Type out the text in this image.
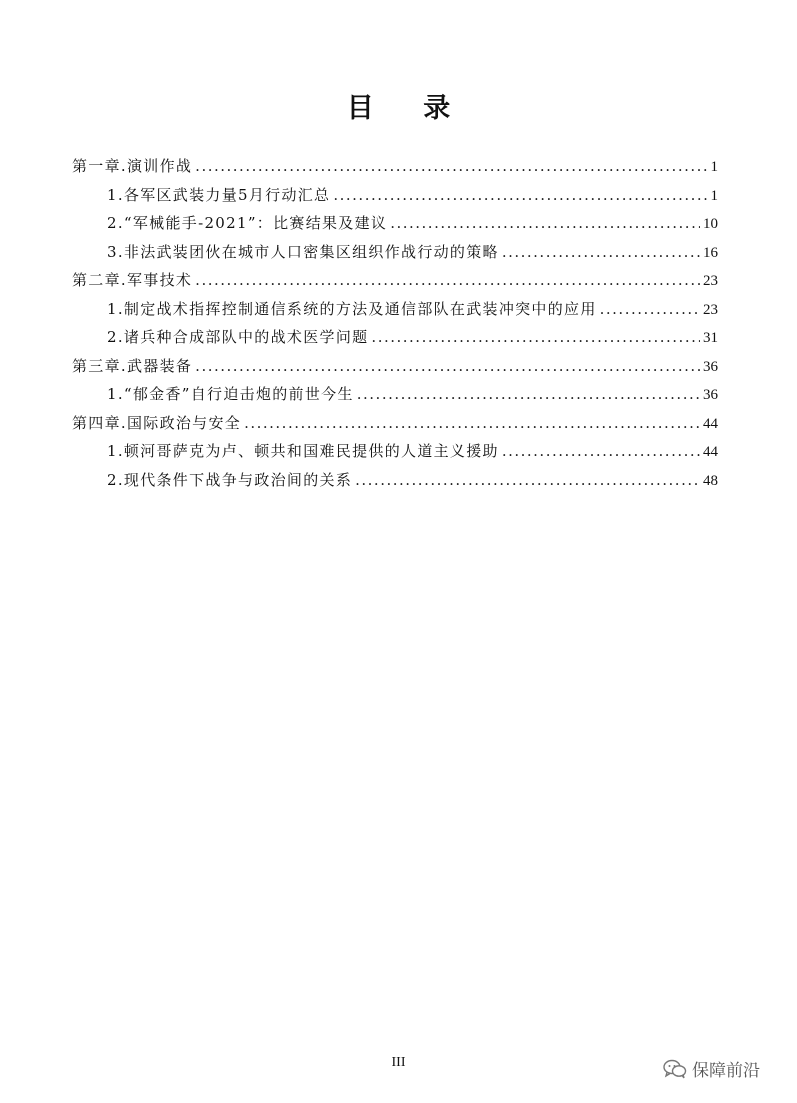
目 录
第一章.演训作战 .....	1
1.各军区武装力量5月行动汇总 .....	1
2.“军械能手-2021”：比赛结果及建议 .....	10
3.非法武装团伙在城市人口密集区组织作战行动的策略 .....	16
第二章.军事技术 .....	23
1.制定战术指挥控制通信系统的方法及通信部队在武装冲突中的应用 .....	23
2.诸兵种合成部队中的战术医学问题 .....	31
第三章.武器装备 .....	36
1.“郁金香”自行迫击炮的前世今生 .....	36
第四章.国际政治与安全 .....	44
1.顿河哥萨克为卢、顿共和国难民提供的人道主义援助 .....	44
2.现代条件下战争与政治间的关系 .....	48
III	保障前沿
